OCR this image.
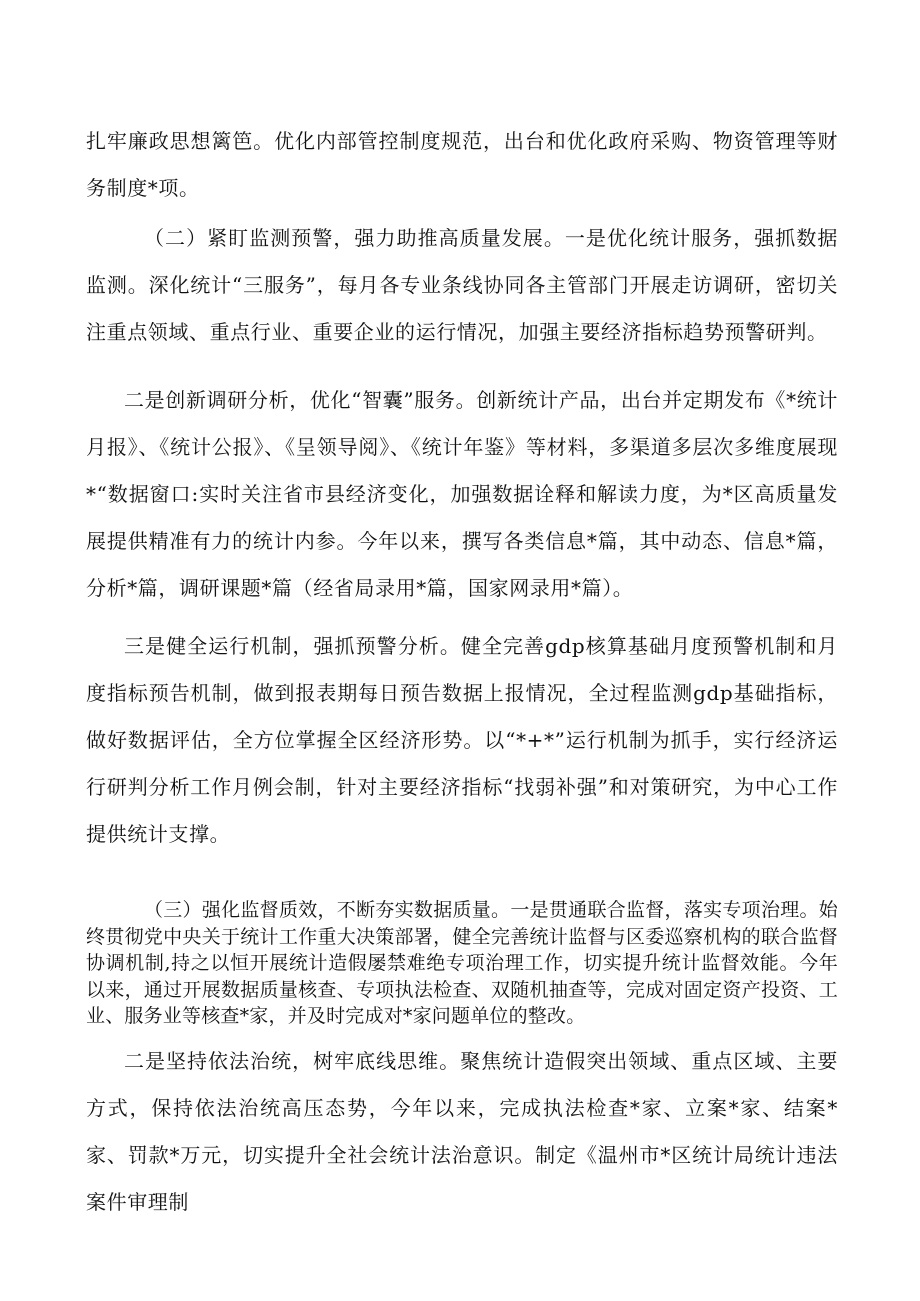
扎牢廉政思想篱笆。优化内部管控制度规范，出台和优化政府采购、物资管理等财务制度*项。

（二）紧盯监测预警，强力助推高质量发展。一是优化统计服务，强抓数据监测。深化统计“三服务”，每月各专业条线协同各主管部门开展走访调研，密切关注重点领域、重点行业、重要企业的运行情况，加强主要经济指标趋势预警研判。

二是创新调研分析，优化“智囊”服务。创新统计产品，出台并定期发布《*统计月报》、《统计公报》、《呈领导阅》、《统计年鉴》等材料，多渠道多层次多维度展现*“数据窗口:实时关注省市县经济变化，加强数据诠释和解读力度，为*区高质量发展提供精准有力的统计内参。今年以来，撰写各类信息*篇，其中动态、信息*篇，分析*篇，调研课题*篇（经省局录用*篇，国家网录用*篇）。

三是健全运行机制，强抓预警分析。健全完善gdp核算基础月度预警机制和月度指标预告机制，做到报表期每日预告数据上报情况，全过程监测gdp基础指标，做好数据评估，全方位掌握全区经济形势。以“*+*”运行机制为抓手，实行经济运行研判分析工作月例会制，针对主要经济指标“找弱补强”和对策研究，为中心工作提供统计支撑。

（三）强化监督质效，不断夯实数据质量。一是贯通联合监督，落实专项治理。始终贯彻党中央关于统计工作重大决策部署，健全完善统计监督与区委巡察机构的联合监督协调机制,持之以恒开展统计造假屡禁难绝专项治理工作，切实提升统计监督效能。今年以来，通过开展数据质量核查、专项执法检查、双随机抽查等，完成对固定资产投资、工业、服务业等核查*家，并及时完成对*家问题单位的整改。

二是坚持依法治统，树牢底线思维。聚焦统计造假突出领域、重点区域、主要方式，保持依法治统高压态势，今年以来，完成执法检查*家、立案*家、结案*家、罚款*万元，切实提升全社会统计法治意识。制定《温州市*区统计局统计违法案件审理制
